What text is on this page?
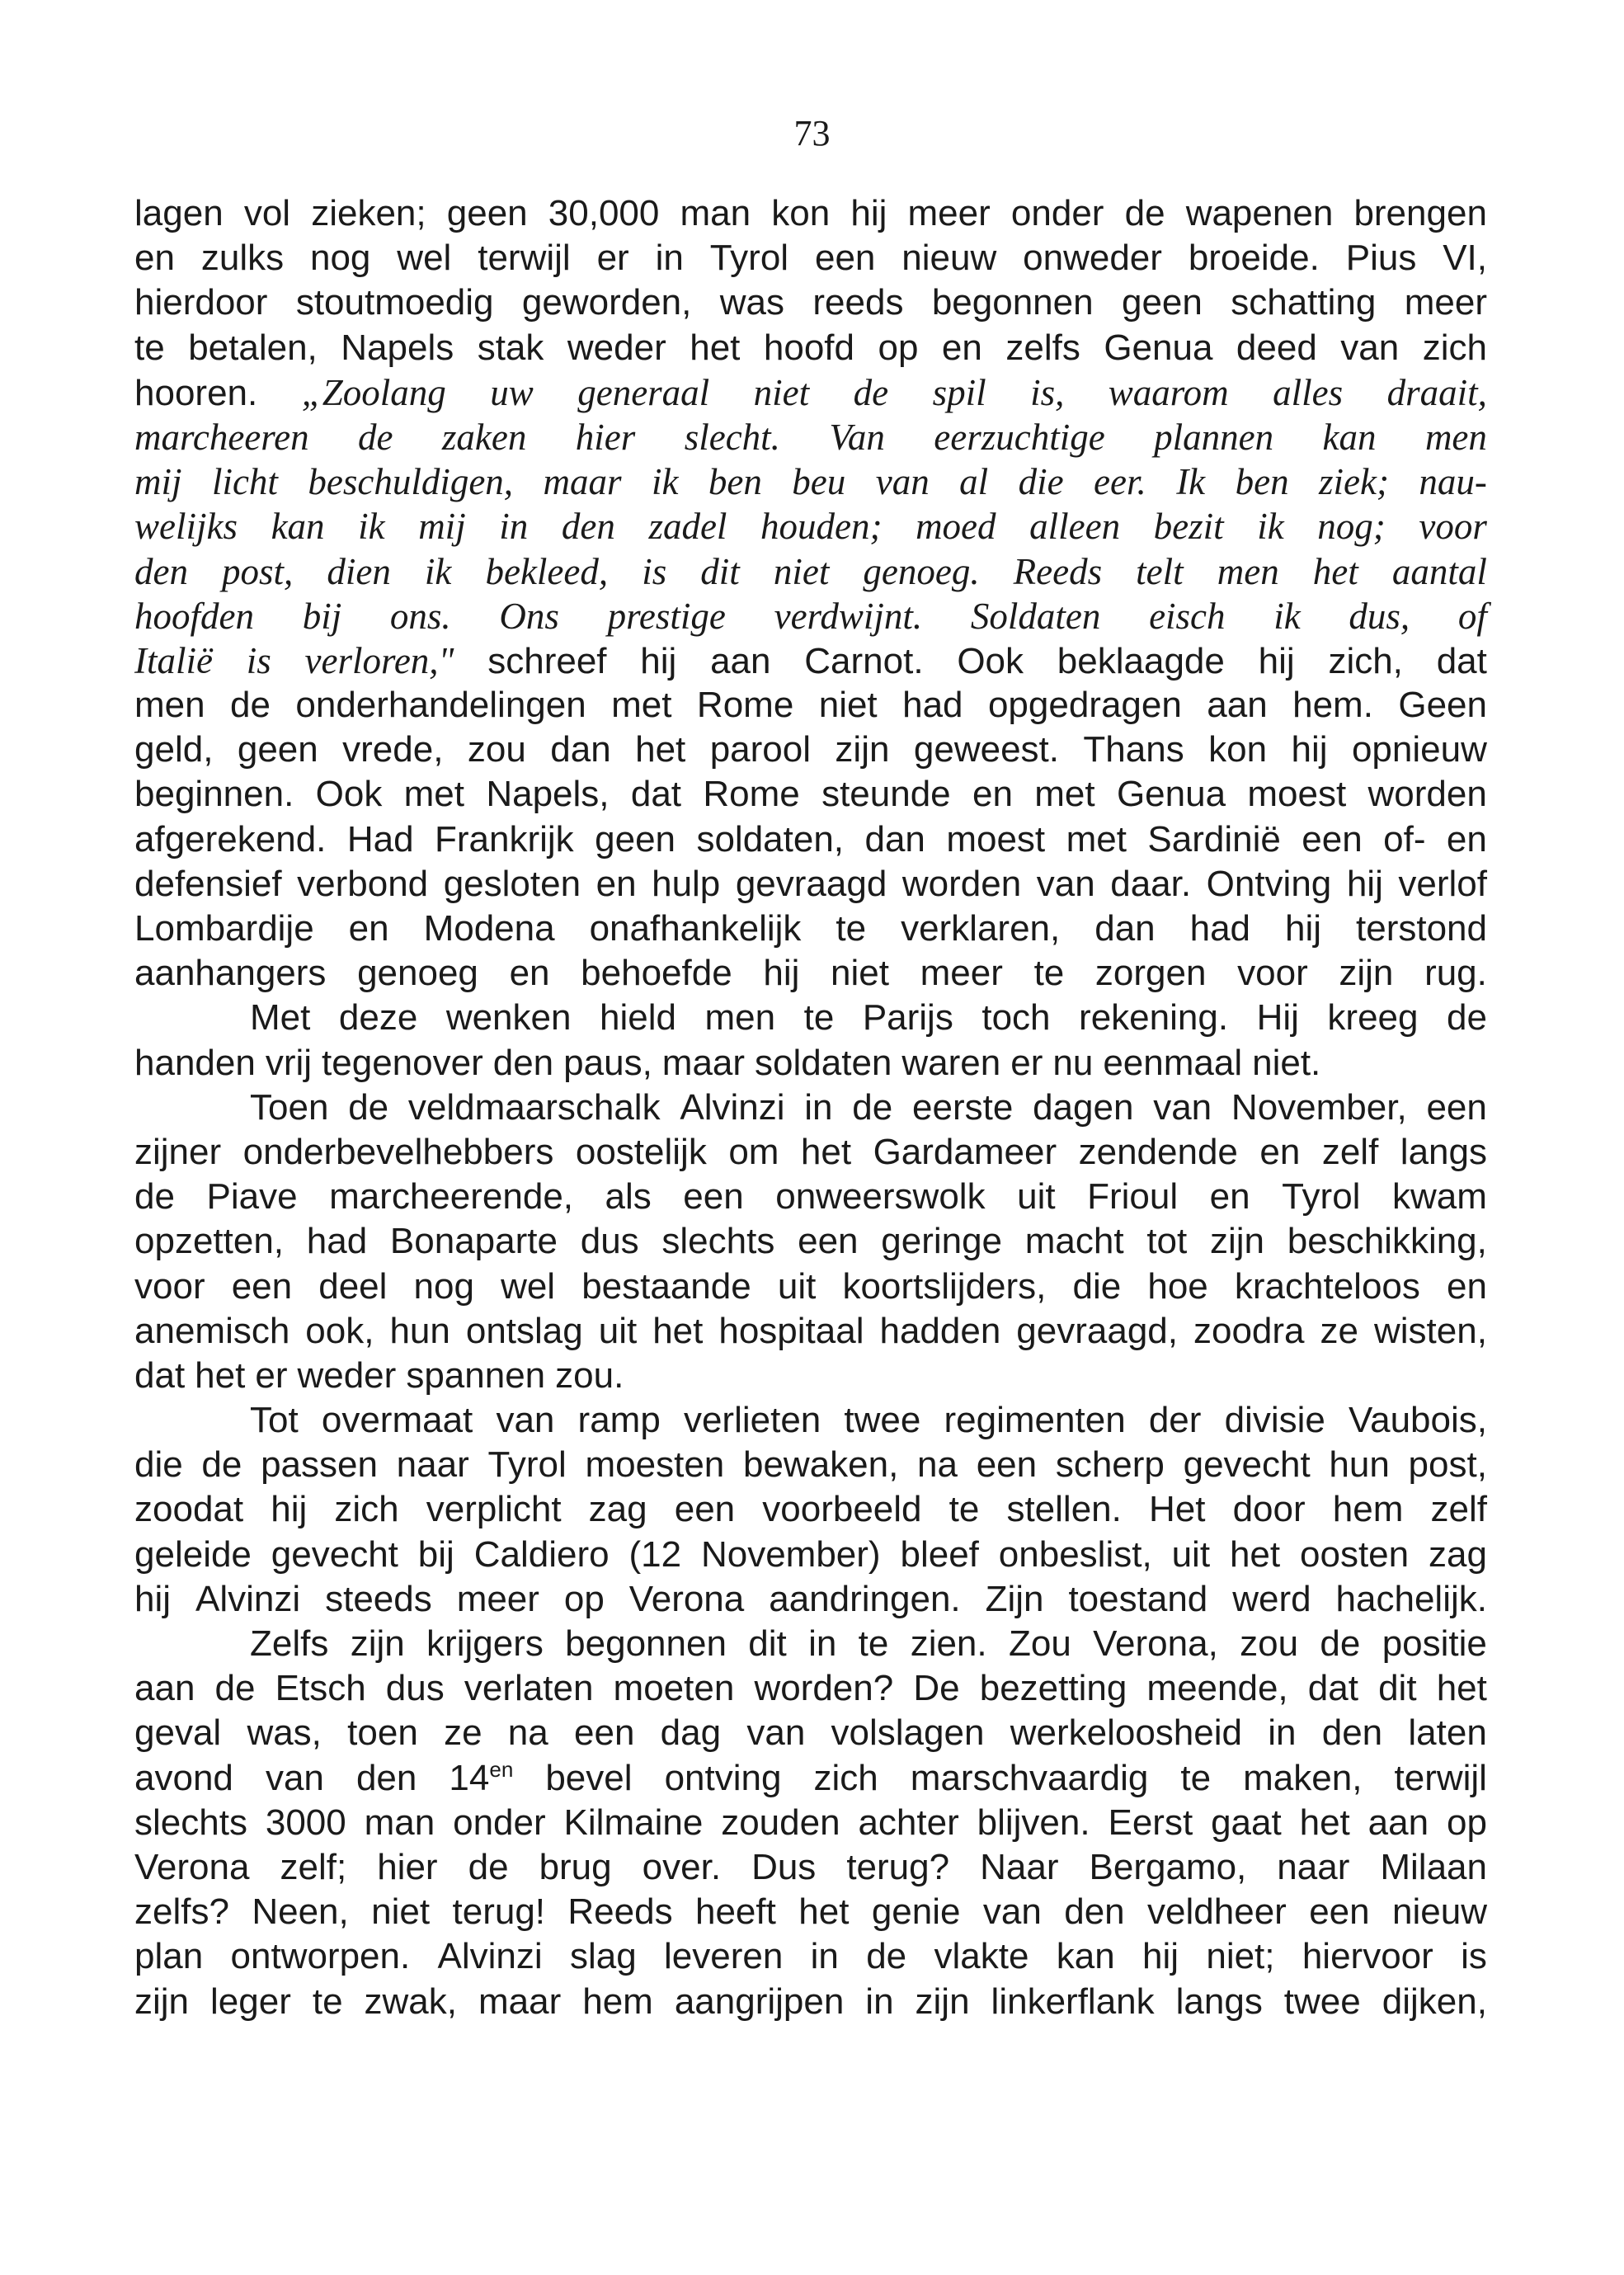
73
lagen vol zieken; geen 30,000 man kon hij meer onder de wapenen brengen
en zulks nog wel terwijl er in Tyrol een nieuw onweder broeide. Pius VI,
hierdoor stoutmoedig geworden, was reeds begonnen geen schatting meer
te betalen, Napels stak weder het hoofd op en zelfs Genua deed van zich
hooren. „Zoolang uw generaal niet de spil is, waarom alles draait,
marcheeren de zaken hier slecht. Van eerzuchtige plannen kan men
mij licht beschuldigen, maar ik ben beu van al die eer. Ik ben ziek; nau-
welijks kan ik mij in den zadel houden; moed alleen bezit ik nog; voor
den post, dien ik bekleed, is dit niet genoeg. Reeds telt men het aantal
hoofden bij ons. Ons prestige verdwijnt. Soldaten eisch ik dus, of
Italië is verloren," schreef hij aan Carnot. Ook beklaagde hij zich, dat
men de onderhandelingen met Rome niet had opgedragen aan hem. Geen
geld, geen vrede, zou dan het parool zijn geweest. Thans kon hij opnieuw
beginnen. Ook met Napels, dat Rome steunde en met Genua moest worden
afgerekend. Had Frankrijk geen soldaten, dan moest met Sardinië een of- en
defensief verbond gesloten en hulp gevraagd worden van daar. Ontving hij verlof
Lombardije en Modena onafhankelijk te verklaren, dan had hij terstond
aanhangers genoeg en behoefde hij niet meer te zorgen voor zijn rug.
Met deze wenken hield men te Parijs toch rekening. Hij kreeg de
handen vrij tegenover den paus, maar soldaten waren er nu eenmaal niet.
Toen de veldmaarschalk Alvinzi in de eerste dagen van November, een
zijner onderbevelhebbers oostelijk om het Gardameer zendende en zelf langs
de Piave marcheerende, als een onweerswolk uit Frioul en Tyrol kwam
opzetten, had Bonaparte dus slechts een geringe macht tot zijn beschikking,
voor een deel nog wel bestaande uit koortslijders, die hoe krachteloos en
anemisch ook, hun ontslag uit het hospitaal hadden gevraagd, zoodra ze wisten,
dat het er weder spannen zou.
Tot overmaat van ramp verlieten twee regimenten der divisie Vaubois,
die de passen naar Tyrol moesten bewaken, na een scherp gevecht hun post,
zoodat hij zich verplicht zag een voorbeeld te stellen. Het door hem zelf
geleide gevecht bij Caldiero (12 November) bleef onbeslist, uit het oosten zag
hij Alvinzi steeds meer op Verona aandringen. Zijn toestand werd hachelijk.
Zelfs zijn krijgers begonnen dit in te zien. Zou Verona, zou de positie
aan de Etsch dus verlaten moeten worden? De bezetting meende, dat dit het
geval was, toen ze na een dag van volslagen werkeloosheid in den laten
avond van den $14^{en}$ bevel ontving zich marschvaardig te maken, terwijl
slechts 3000 man onder Kilmaine zouden achter blijven. Eerst gaat het aan op
Verona zelf; hier de brug over. Dus terug? Naar Bergamo, naar Milaan
zelfs? Neen, niet terug! Reeds heeft het genie van den veldheer een nieuw
plan ontworpen. Alvinzi slag leveren in de vlakte kan hij niet; hiervoor is
zijn leger te zwak, maar hem aangrijpen in zijn linkerflank langs twee dijken,
